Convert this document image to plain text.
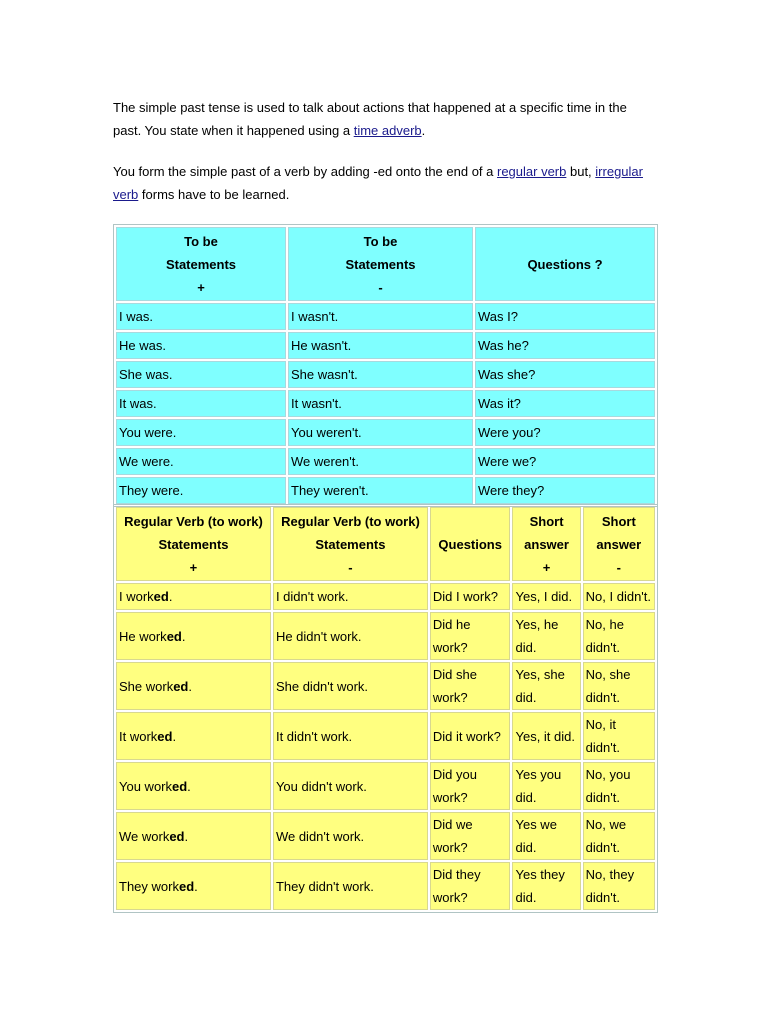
The simple past tense is used to talk about actions that happened at a specific time in the past. You state when it happened using a time adverb.

You form the simple past of a verb by adding -ed onto the end of a regular verb but, irregular verb forms have to be learned.

To be
Statements
+	To be
Statements
-	Questions ?

I was.	I wasn't.	Was I?
He was.	He wasn't.	Was he?
She was.	She wasn't.	Was she?
It was.	It wasn't.	Was it?
You were.	You weren't.	Were you?
We were.	We weren't.	Were we?
They were.	They weren't.	Were they?
Regular Verb (to work)
Statements
+	Regular Verb (to work)
Statements
-	Questions	Short
answer
+	Short
answer
-

I worked.	I didn't work.	Did I work?	Yes, I did.	No, I didn't.
He worked.	He didn't work.	Did he work?	Yes, he did.	No, he didn't.
She worked.	She didn't work.	Did she work?	Yes, she did.	No, she didn't.
It worked.	It didn't work.	Did it work?	Yes, it did.	No, it didn't.
You worked.	You didn't work.	Did you work?	Yes you did.	No, you didn't.
We worked.	We didn't work.	Did we work?	Yes we did.	No, we didn't.
They worked.	They didn't work.	Did they work?	Yes they did.	No, they didn't.
